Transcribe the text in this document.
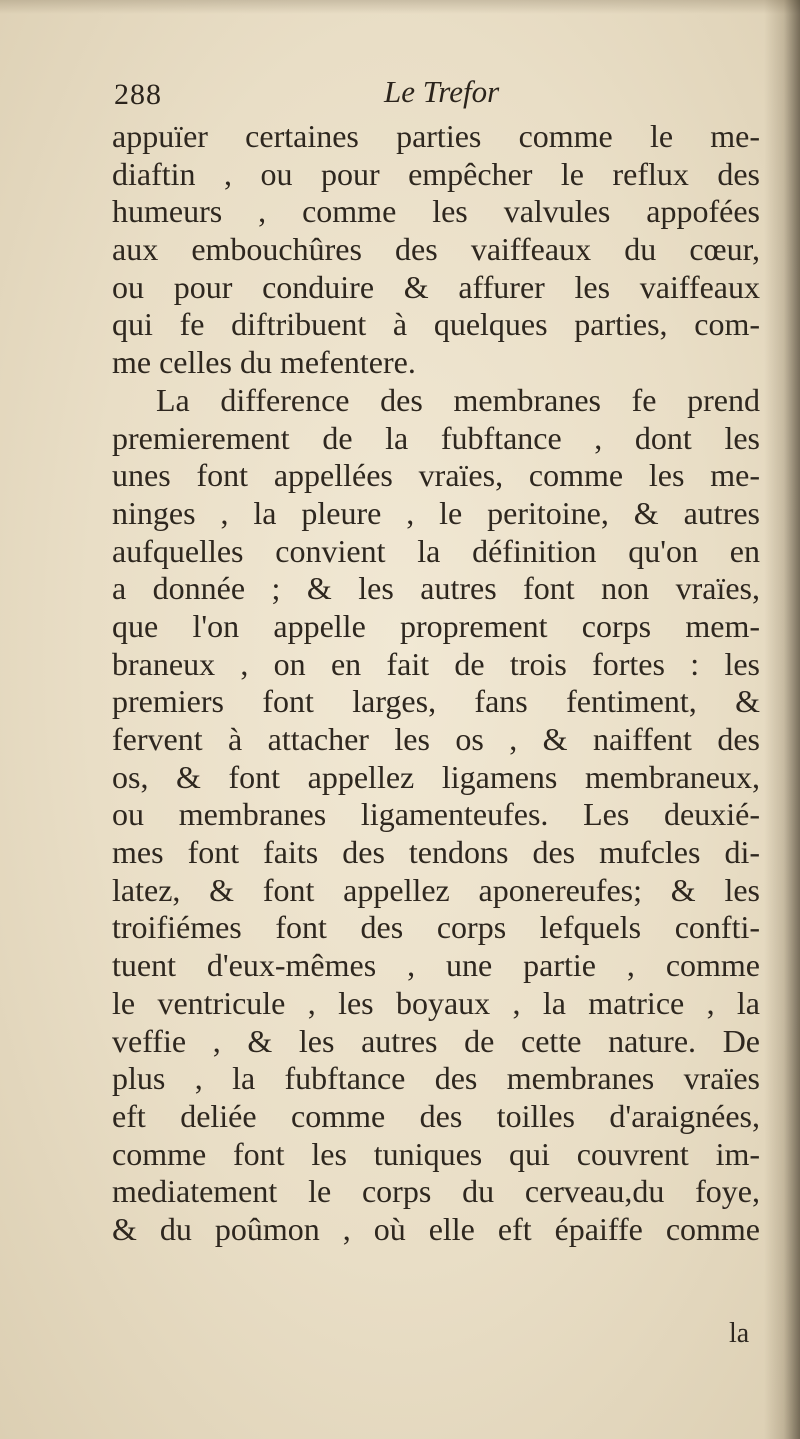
288	Le Trefor
appuïer certaines parties comme le me-
diaftin , ou pour empêcher le reflux des
humeurs , comme les valvules appofées
aux embouchûres des vaiffeaux du cœur,
ou pour conduire & affurer les vaiffeaux
qui fe diftribuent à quelques parties, com-
me celles du mefentere.
La difference des membranes fe prend
premierement de la fubftance , dont les
unes font appellées vraïes, comme les me-
ninges , la pleure , le peritoine, & autres
aufquelles convient la définition qu'on en
a donnée ; & les autres font non vraïes,
que l'on appelle proprement corps mem-
braneux , on en fait de trois fortes : les
premiers font larges, fans fentiment, &
fervent à attacher les os , & naiffent des
os, & font appellez ligamens membraneux,
ou membranes ligamenteufes. Les deuxié-
mes font faits des tendons des mufcles di-
latez, & font appellez aponereufes; & les
troifiémes font des corps lefquels confti-
tuent d'eux-mêmes , une partie , comme
le ventricule , les boyaux , la matrice , la
veffie , & les autres de cette nature. De
plus , la fubftance des membranes vraïes
eft deliée comme des toilles d'araignées,
comme font les tuniques qui couvrent im-
mediatement le corps du cerveau,du foye,
& du poûmon , où elle eft épaiffe comme
la
